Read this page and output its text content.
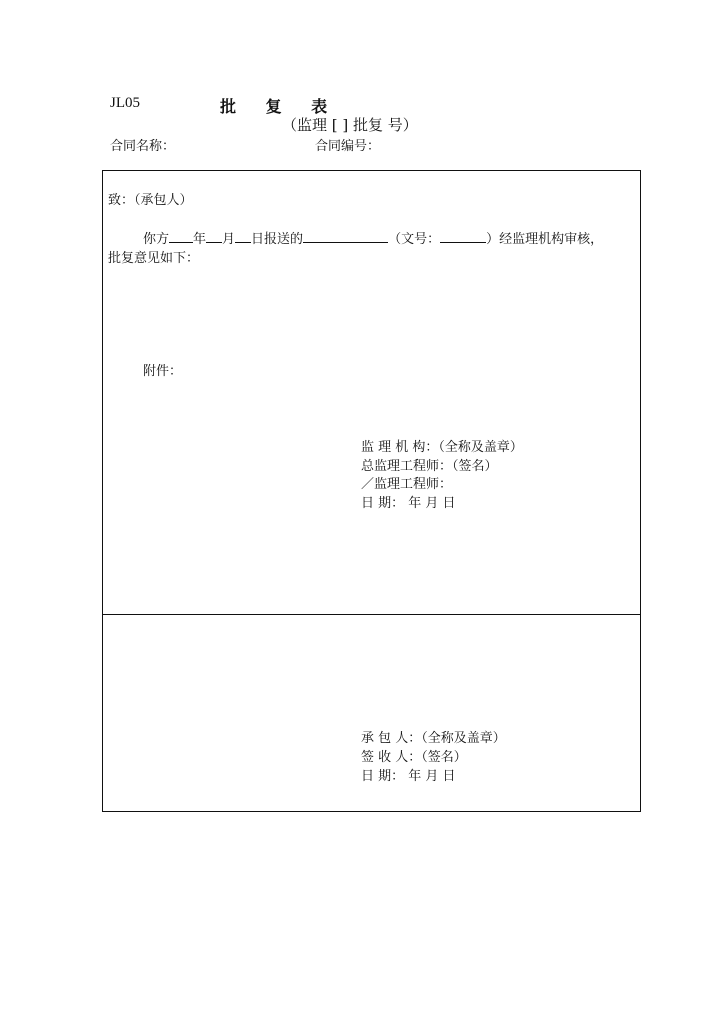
JL05	批 复 表
（监理 [ ] 批复 号）
合同名称：	合同编号：
致：（承包人）
你方 年 月 日报送的	（文号：	）经监理机构审核，
批复意见如下：
附件：
监 理 机 构：（全称及盖章）
总监理工程师：（签名）
／监理工程师：
日 期： 年 月 日
承 包 人：（全称及盖章）
签 收 人：（签名）
日 期： 年 月 日
